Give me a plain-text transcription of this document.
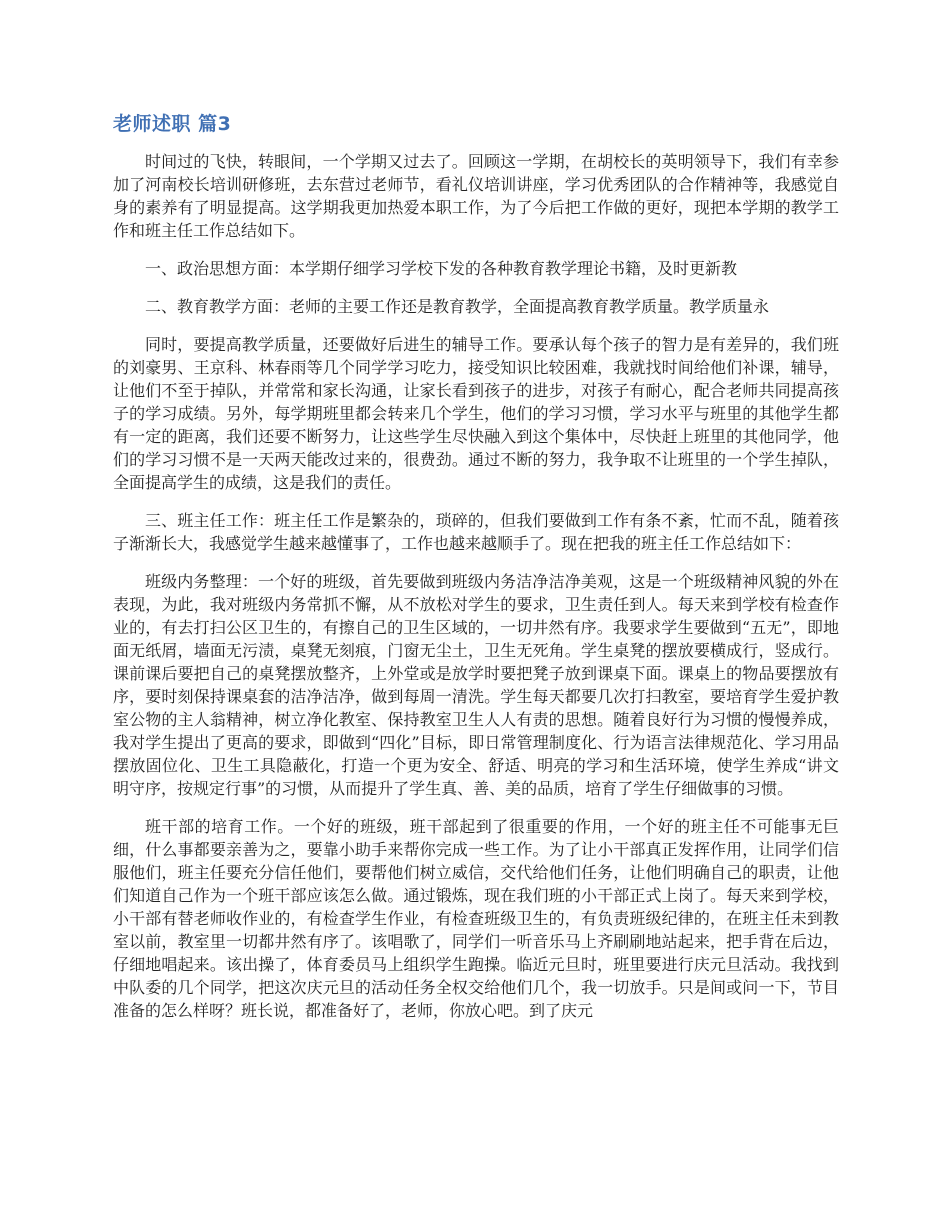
老师述职 篇3

时间过的飞快，转眼间，一个学期又过去了。回顾这一学期，在胡校长的英明领导下，我们有幸参加了河南校长培训研修班，去东营过老师节，看礼仪培训讲座，学习优秀团队的合作精神等，我感觉自身的素养有了明显提高。这学期我更加热爱本职工作，为了今后把工作做的更好，现把本学期的教学工作和班主任工作总结如下。

一、政治思想方面：本学期仔细学习学校下发的各种教育教学理论书籍，及时更新教

二、教育教学方面：老师的主要工作还是教育教学，全面提高教育教学质量。教学质量永

同时，要提高教学质量，还要做好后进生的辅导工作。要承认每个孩子的智力是有差异的，我们班的刘豪男、王京科、林春雨等几个同学学习吃力，接受知识比较困难，我就找时间给他们补课，辅导，让他们不至于掉队，并常常和家长沟通，让家长看到孩子的进步，对孩子有耐心，配合老师共同提高孩子的学习成绩。另外，每学期班里都会转来几个学生，他们的学习习惯，学习水平与班里的其他学生都有一定的距离，我们还要不断努力，让这些学生尽快融入到这个集体中，尽快赶上班里的其他同学，他们的学习习惯不是一天两天能改过来的，很费劲。通过不断的努力，我争取不让班里的一个学生掉队，全面提高学生的成绩，这是我们的责任。

三、班主任工作：班主任工作是繁杂的，琐碎的，但我们要做到工作有条不紊，忙而不乱，随着孩子渐渐长大，我感觉学生越来越懂事了，工作也越来越顺手了。现在把我的班主任工作总结如下：

班级内务整理：一个好的班级，首先要做到班级内务洁净洁净美观，这是一个班级精神风貌的外在表现，为此，我对班级内务常抓不懈，从不放松对学生的要求，卫生责任到人。每天来到学校有检查作业的，有去打扫公区卫生的，有擦自己的卫生区域的，一切井然有序。我要求学生要做到“五无”，即地面无纸屑，墙面无污渍，桌凳无刻痕，门窗无尘土，卫生无死角。学生桌凳的摆放要横成行，竖成行。课前课后要把自己的桌凳摆放整齐，上外堂或是放学时要把凳子放到课桌下面。课桌上的物品要摆放有序，要时刻保持课桌套的洁净洁净，做到每周一清洗。学生每天都要几次打扫教室，要培育学生爱护教室公物的主人翁精神，树立净化教室、保持教室卫生人人有责的思想。随着良好行为习惯的慢慢养成，我对学生提出了更高的要求，即做到“四化”目标，即日常管理制度化、行为语言法律规范化、学习用品摆放固位化、卫生工具隐蔽化，打造一个更为安全、舒适、明亮的学习和生活环境，使学生养成“讲文明守序，按规定行事”的习惯，从而提升了学生真、善、美的品质，培育了学生仔细做事的习惯。

班干部的培育工作。一个好的班级，班干部起到了很重要的作用，一个好的班主任不可能事无巨细，什么事都要亲善为之，要靠小助手来帮你完成一些工作。为了让小干部真正发挥作用，让同学们信服他们，班主任要充分信任他们，要帮他们树立威信，交代给他们任务，让他们明确自己的职责，让他们知道自己作为一个班干部应该怎么做。通过锻炼，现在我们班的小干部正式上岗了。每天来到学校，小干部有替老师收作业的，有检查学生作业，有检查班级卫生的，有负责班级纪律的，在班主任未到教室以前，教室里一切都井然有序了。该唱歌了，同学们一听音乐马上齐刷刷地站起来，把手背在后边，仔细地唱起来。该出操了，体育委员马上组织学生跑操。临近元旦时，班里要进行庆元旦活动。我找到中队委的几个同学，把这次庆元旦的活动任务全权交给他们几个，我一切放手。只是间或问一下，节目准备的怎么样呀？班长说，都准备好了，老师，你放心吧。到了庆元
